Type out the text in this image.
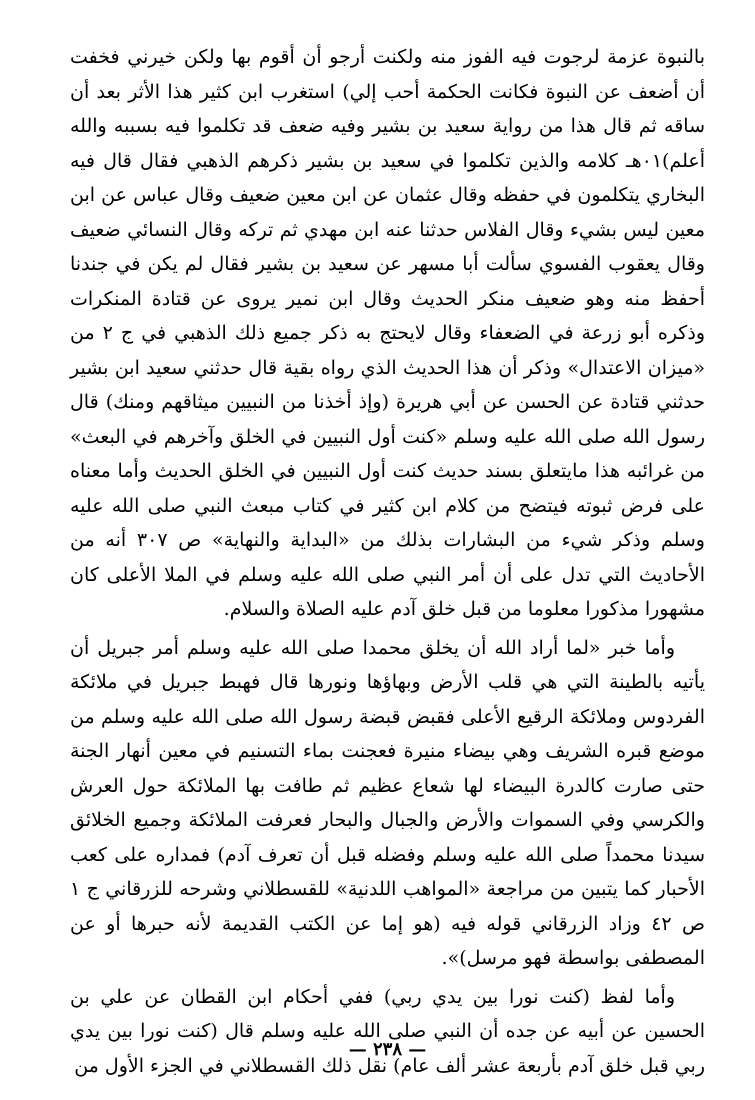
بالنبوة عزمة لرجوت فيه الفوز منه ولكنت أرجو أن أقوم بها ولكن خيرني فخفت أن أضعف عن النبوة فكانت الحكمة أحب إلي) استغرب ابن كثير هذا الأثر بعد أن ساقه ثم قال هذا من رواية سعيد بن بشير وفيه ضعف قد تكلموا فيه بسببه والله أعلم)٠١هـ كلامه والذين تكلموا في سعيد بن بشير ذكرهم الذهبي فقال قال فيه البخاري يتكلمون في حفظه وقال عثمان عن ابن معين ضعيف وقال عباس عن ابن معين ليس بشيء وقال الفلاس حدثنا عنه ابن مهدي ثم تركه وقال النسائي ضعيف وقال يعقوب الفسوي سألت أبا مسهر عن سعيد بن بشير فقال لم يكن في جندنا أحفظ منه وهو ضعيف منكر الحديث وقال ابن نمير يروى عن قتادة المنكرات وذكره أبو زرعة في الضعفاء وقال لايحتج به ذكر جميع ذلك الذهبي في ج ٢ من «ميزان الاعتدال» وذكر أن هذا الحديث الذي رواه بقية قال حدثني سعيد ابن بشير حدثني قتادة عن الحسن عن أبي هريرة (وإذ أخذنا من النبيين ميثاقهم ومنك) قال رسول الله صلى الله عليه وسلم «كنت أول النبيين في الخلق وآخرهم في البعث» من غرائبه هذا مايتعلق بسند حديث كنت أول النبيين في الخلق الحديث وأما معناه على فرض ثبوته فيتضح من كلام ابن كثير في كتاب مبعث النبي صلى الله عليه وسلم وذكر شيء من البشارات بذلك من «البداية والنهاية» ص ٣٠٧ أنه من الأحاديث التي تدل على أن أمر النبي صلى الله عليه وسلم في الملا الأعلى كان مشهورا مذكورا معلوما من قبل خلق آدم عليه الصلاة والسلام.

وأما خبر «لما أراد الله أن يخلق محمدا صلى الله عليه وسلم أمر جبريل أن يأتيه بالطينة التي هي قلب الأرض وبهاؤها ونورها قال فهبط جبريل في ملائكة الفردوس وملائكة الرقيع الأعلى فقبض قبضة رسول الله صلى الله عليه وسلم من موضع قبره الشريف وهي بيضاء منيرة فعجنت بماء التسنيم في معين أنهار الجنة حتى صارت كالدرة البيضاء لها شعاع عظيم ثم طافت بها الملائكة حول العرش والكرسي وفي السموات والأرض والجبال والبحار فعرفت الملائكة وجميع الخلائق سيدنا محمداً صلى الله عليه وسلم وفضله قبل أن تعرف آدم) فمداره على كعب الأحبار كما يتبين من مراجعة «المواهب اللدنية» للقسطلاني وشرحه للزرقاني ج ١ ص ٤٢ وزاد الزرقاني قوله فيه (هو إما عن الكتب القديمة لأنه حبرها أو عن المصطفى بواسطة فهو مرسل)».

وأما لفظ (كنت نورا بين يدي ربي) ففي أحكام ابن القطان عن علي بن الحسين عن أبيه عن جده أن النبي صلى الله عليه وسلم قال (كنت نورا بين يدي ربي قبل خلق آدم بأربعة عشر ألف عام) نقل ذلك القسطلاني في الجزء الأول من

— ٢٣٨ —
